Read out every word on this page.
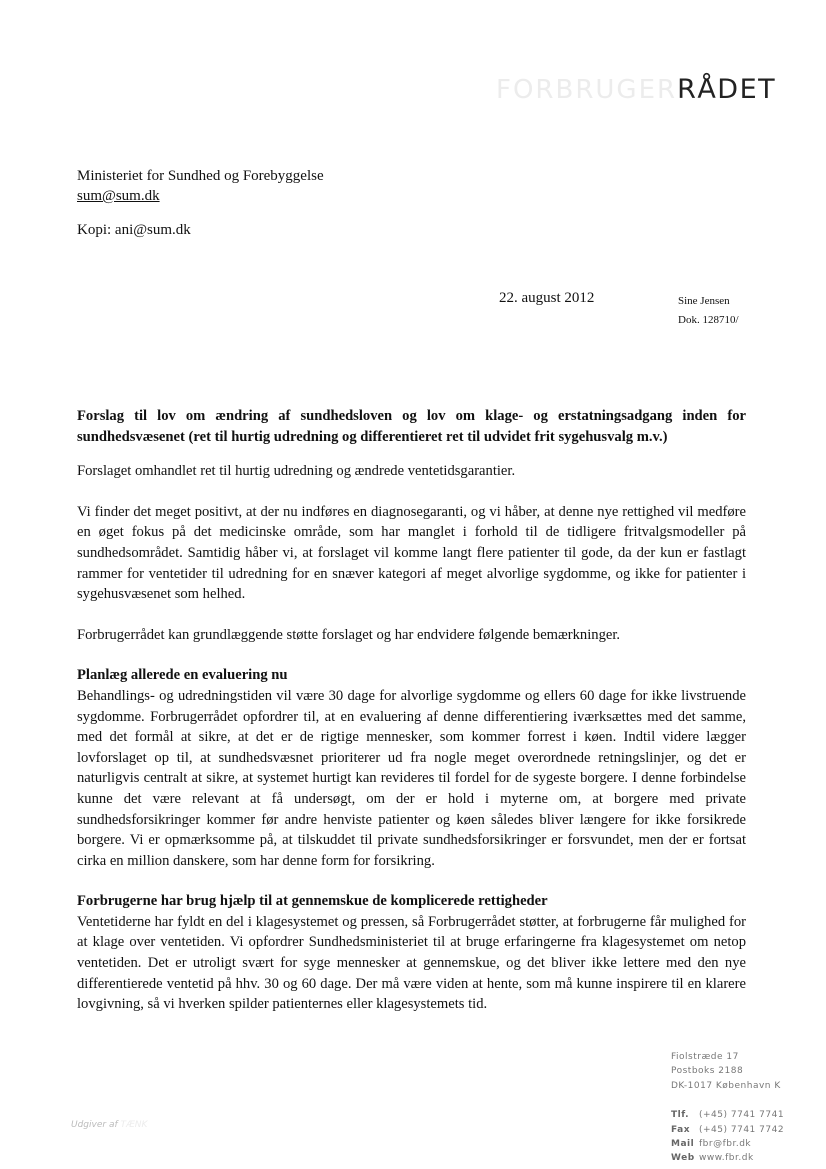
FORBRUGERRÅDET
Ministeriet for Sundhed og Forebyggelse
sum@sum.dk
Kopi: ani@sum.dk
22. august 2012	Sine Jensen
Dok. 128710/
Forslag til lov om ændring af sundhedsloven og lov om klage- og erstatningsadgang inden for sundhedsvæsenet (ret til hurtig udredning og differentieret ret til udvidet frit sygehusvalg m.v.)

Forslaget omhandlet ret til hurtig udredning og ændrede ventetidsgarantier.

Vi finder det meget positivt, at der nu indføres en diagnosegaranti, og vi håber, at denne nye rettighed vil medføre en øget fokus på det medicinske område, som har manglet i forhold til de tidligere fritvalgsmodeller på sundhedsområdet. Samtidig håber vi, at forslaget vil komme langt flere patienter til gode, da der kun er fastlagt rammer for ventetider til udredning for en snæver kategori af meget alvorlige sygdomme, og ikke for patienter i sygehusvæsenet som helhed.

Forbrugerrådet kan grundlæggende støtte forslaget og har endvidere følgende bemærkninger.

Planlæg allerede en evaluering nu

Behandlings- og udredningstiden vil være 30 dage for alvorlige sygdomme og ellers 60 dage for ikke livstruende sygdomme. Forbrugerrådet opfordrer til, at en evaluering af denne differentiering iværksættes med det samme, med det formål at sikre, at det er de rigtige mennesker, som kommer forrest i køen. Indtil videre lægger lovforslaget op til, at sundhedsvæsnet prioriterer ud fra nogle meget overordnede retningslinjer, og det er naturligvis centralt at sikre, at systemet hurtigt kan revideres til fordel for de sygeste borgere. I denne forbindelse kunne det være relevant at få undersøgt, om der er hold i myterne om, at borgere med private sundhedsforsikringer kommer før andre henviste patienter og køen således bliver længere for ikke forsikrede borgere. Vi er opmærksomme på, at tilskuddet til private sundhedsforsikringer er forsvundet, men der er fortsat cirka en million danskere, som har denne form for forsikring.

Forbrugerne har brug hjælp til at gennemskue de komplicerede rettigheder

Ventetiderne har fyldt en del i klagesystemet og pressen, så Forbrugerrådet støtter, at forbrugerne får mulighed for at klage over ventetiden. Vi opfordrer Sundhedsministeriet til at bruge erfaringerne fra klagesystemet om netop ventetiden. Det er utroligt svært for syge mennesker at gennemskue, og det bliver ikke lettere med den nye differentierede ventetid på hhv. 30 og 60 dage. Der må være viden at hente, som må kunne inspirere til en klarere lovgivning, så vi hverken spilder patienternes eller klagesystemets tid.

Fiolstræde 17
Postboks 2188
DK-1017 København K
Tlf. (+45) 7741 7741
Fax (+45) 7741 7742
Mail fbr@fbr.dk
Web www.fbr.dk
Udgiver af TÆNK
